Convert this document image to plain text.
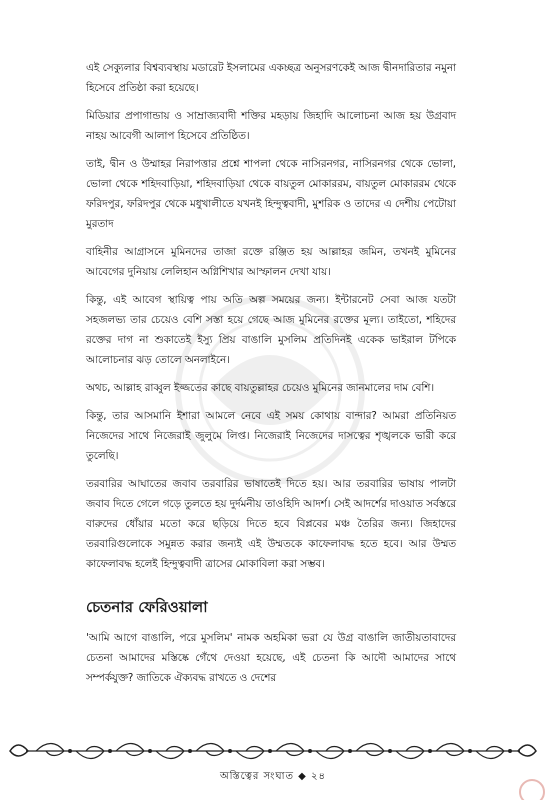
এই সেক্যুলার বিশ্বব্যবস্থায় মডারেট ইসলামের একচ্ছত্র অনুসরণকেই আজ দ্বীনদারিতার নমুনা হিসেবে প্রতিষ্ঠা করা হয়েছে।

মিডিয়ার প্রপাগান্ডায় ও সাম্রাজ্যবাদী শক্তির মহড়ায় জিহাদি আলোচনা আজ হয় উগ্রবাদ নাহয় আবেগী আলাপ হিসেবে প্রতিষ্ঠিত।

তাই, দ্বীন ও উম্মাহর নিরাপত্তার প্রশ্নে শাপলা থেকে নাসিরনগর, নাসিরনগর থেকে ভোলা, ভোলা থেকে শহিদবাড়িয়া, শহিদবাড়িয়া থেকে বায়তুল মোকাররম, বায়তুল মোকাররম থেকে ফরিদপুর, ফরিদপুর থেকে মধুখালীতে যখনই হিন্দুত্ববাদী, মুশরিক ও তাদের এ দেশীয় পেটোয়া মুরতাদ

বাহিনীর আগ্রাসনে মুমিনদের তাজা রক্তে রঞ্জিত হয় আল্লাহর জমিন, তখনই মুমিনের আবেগের দুনিয়ায় লেলিহান অগ্নিশিখার আস্ফালন দেখা যায়।

কিন্তু, এই আবেগ স্থায়িত্ব পায় অতি অল্প সময়ের জন্য। ইন্টারনেট সেবা আজ যতটা সহজলভ্য তার চেয়েও বেশি সস্তা হয়ে গেছে আজ মুমিনের রক্তের মূল্য। তাইতো, শহিদের রক্তের দাগ না শুকাতেই ইস্যু প্রিয় বাঙালি মুসলিম প্রতিদিনই একেক ভাইরাল টপিকে আলোচনার ঝড় তোলে অনলাইনে।

অথচ, আল্লাহ রাব্বুল ইজ্জতের কাছে বায়তুল্লাহর চেয়েও মুমিনের জানমালের দাম বেশি।

কিন্তু, তার আসমানি ইশারা আমলে নেবে এই সময় কোথায় বান্দার? আমরা প্রতিনিয়ত নিজেদের সাথে নিজেরাই জুলুমে লিপ্ত। নিজেরাই নিজেদের দাসত্বের শৃঙ্খলকে ভারী করে তুলেছি।

তরবারির আঘাতের জবাব তরবারির ভাষাতেই দিতে হয়। আর তরবারির ভাষায় পালটা জবাব দিতে গেলে গড়ে তুলতে হয় দুর্দমনীয় তাওহিদি আদর্শ। সেই আদর্শের দাওয়াত সর্বস্তরে বারুদের ধোঁয়ার মতো করে ছড়িয়ে দিতে হবে বিপ্লবের মঞ্চ তৈরির জন্য। জিহাদের তরবারিগুলোকে সমুন্নত করার জন্যই এই উম্মতকে কাফেলাবদ্ধ হতে হবে। আর উম্মত কাফেলাবদ্ধ হলেই হিন্দুত্ববাদী ত্রাসের মোকাবিলা করা সম্ভব।

চেতনার ফেরিওয়ালা

'আমি আগে বাঙালি, পরে মুসলিম' নামক অহমিকা ভরা যে উগ্র বাঙালি জাতীয়তাবাদের চেতনা আমাদের মস্তিষ্কে গেঁথে দেওয়া হয়েছে, এই চেতনা কি আদৌ আমাদের সাথে সম্পর্কযুক্ত? জাতিকে ঐক্যবদ্ধ রাখতে ও দেশের

অস্তিত্বের সংঘাত ◆ ২৪
